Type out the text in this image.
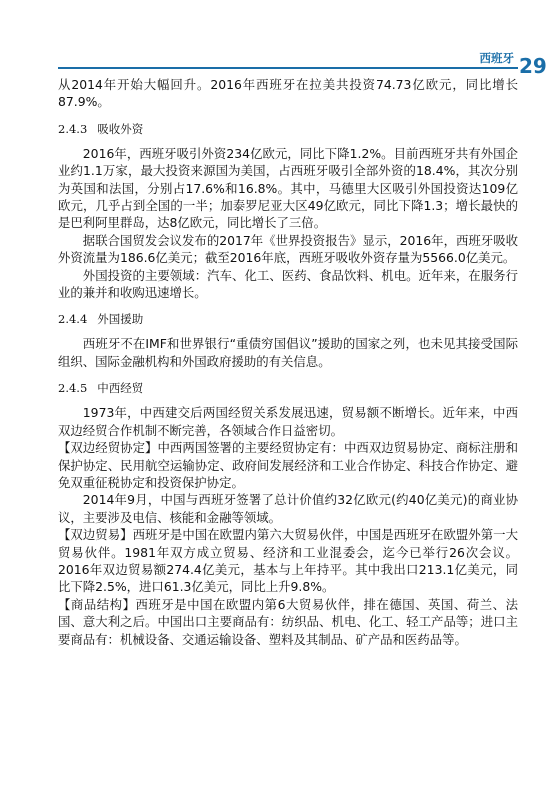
西班牙 29

从2014年开始大幅回升。2016年西班牙在拉美共投资74.73亿欧元，同比增长87.9%。

2.4.3 吸收外资

2016年，西班牙吸引外资234亿欧元，同比下降1.2%。目前西班牙共有外国企业约1.1万家，最大投资来源国为美国，占西班牙吸引全部外资的18.4%，其次分别为英国和法国，分别占17.6%和16.8%。其中，马德里大区吸引外国投资达109亿欧元，几乎占到全国的一半；加泰罗尼亚大区49亿欧元，同比下降1.3；增长最快的是巴利阿里群岛，达8亿欧元，同比增长了三倍。

据联合国贸发会议发布的2017年《世界投资报告》显示，2016年，西班牙吸收外资流量为186.6亿美元；截至2016年底，西班牙吸收外资存量为5566.0亿美元。

外国投资的主要领域：汽车、化工、医药、食品饮料、机电。近年来，在服务行业的兼并和收购迅速增长。

2.4.4 外国援助

西班牙不在IMF和世界银行“重债穷国倡议”援助的国家之列，也未见其接受国际组织、国际金融机构和外国政府援助的有关信息。

2.4.5 中西经贸

1973年，中西建交后两国经贸关系发展迅速，贸易额不断增长。近年来，中西双边经贸合作机制不断完善，各领域合作日益密切。

【双边经贸协定】中西两国签署的主要经贸协定有：中西双边贸易协定、商标注册和保护协定、民用航空运输协定、政府间发展经济和工业合作协定、科技合作协定、避免双重征税协定和投资保护协定。

2014年9月，中国与西班牙签署了总计价值约32亿欧元(约40亿美元)的商业协议，主要涉及电信、核能和金融等领域。

【双边贸易】西班牙是中国在欧盟内第六大贸易伙伴，中国是西班牙在欧盟外第一大贸易伙伴。1981年双方成立贸易、经济和工业混委会，迄今已举行26次会议。2016年双边贸易额274.4亿美元，基本与上年持平。其中我出口213.1亿美元，同比下降2.5%，进口61.3亿美元，同比上升9.8%。

【商品结构】西班牙是中国在欧盟内第6大贸易伙伴，排在德国、英国、荷兰、法国、意大利之后。中国出口主要商品有：纺织品、机电、化工、轻工产品等；进口主要商品有：机械设备、交通运输设备、塑料及其制品、矿产品和医药品等。
